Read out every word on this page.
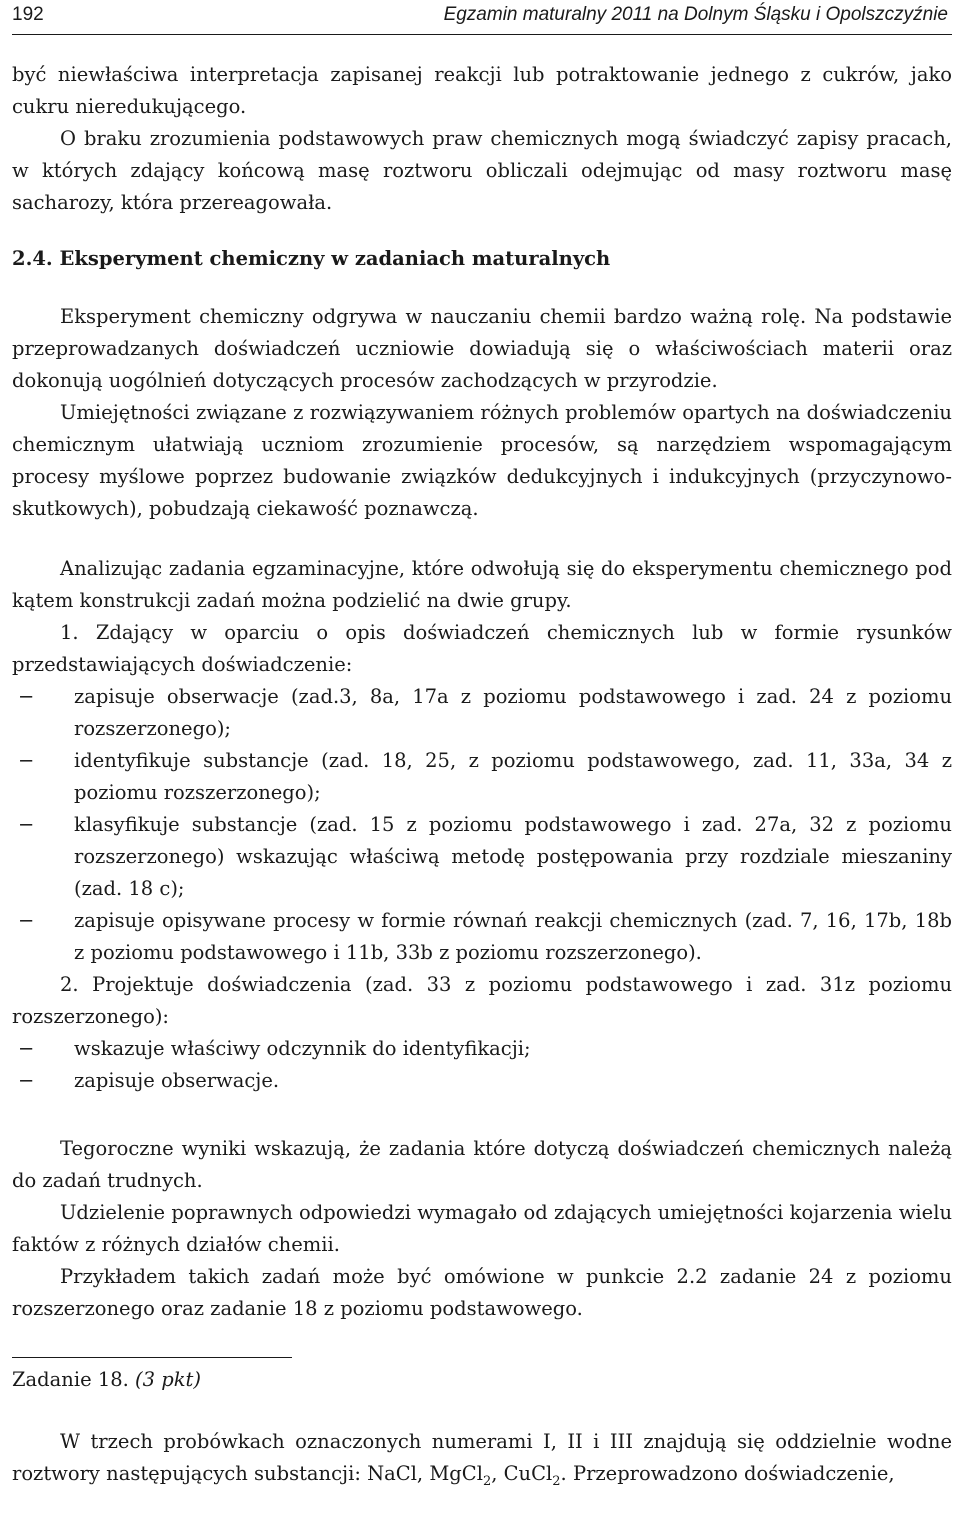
192	Egzamin maturalny 2011 na Dolnym Śląsku i Opolszczyźnie

być niewłaściwa interpretacja zapisanej reakcji lub potraktowanie jednego z cukrów, jako cukru nieredukującego.

O braku zrozumienia podstawowych praw chemicznych mogą świadczyć zapisy pracach, w których zdający końcową masę roztworu obliczali odejmując od masy roztworu masę sacharozy, która przereagowała.

2.4. Eksperyment chemiczny w zadaniach maturalnych

Eksperyment chemiczny odgrywa w nauczaniu chemii bardzo ważną rolę. Na podstawie przeprowadzanych doświadczeń uczniowie dowiadują się o właściwościach materii oraz dokonują uogólnień dotyczących procesów zachodzących w przyrodzie.

Umiejętności związane z rozwiązywaniem różnych problemów opartych na doświadczeniu chemicznym ułatwiają uczniom zrozumienie procesów, są narzędziem wspomagającym procesy myślowe poprzez budowanie związków dedukcyjnych i indukcyjnych (przyczynowo-skutkowych), pobudzają ciekawość poznawczą.

Analizując zadania egzaminacyjne, które odwołują się do eksperymentu chemicznego pod kątem konstrukcji zadań można podzielić na dwie grupy.

1. Zdający w oparciu o opis doświadczeń chemicznych lub w formie rysunków przedstawiających doświadczenie:

− zapisuje obserwacje (zad.3, 8a, 17a z poziomu podstawowego i zad. 24 z poziomu rozszerzonego);
− identyfikuje substancje (zad. 18, 25, z poziomu podstawowego, zad. 11, 33a, 34 z poziomu rozszerzonego);
− klasyfikuje substancje (zad. 15 z poziomu podstawowego i zad. 27a, 32 z poziomu rozszerzonego) wskazując właściwą metodę postępowania przy rozdziale mieszaniny (zad. 18 c);
− zapisuje opisywane procesy w formie równań reakcji chemicznych (zad. 7, 16, 17b, 18b z poziomu podstawowego i 11b, 33b z poziomu rozszerzonego).

2. Projektuje doświadczenia (zad. 33 z poziomu podstawowego i zad. 31z poziomu rozszerzonego):

− wskazuje właściwy odczynnik do identyfikacji;
− zapisuje obserwacje.

Tegoroczne wyniki wskazują, że zadania które dotyczą doświadczeń chemicznych należą do zadań trudnych.

Udzielenie poprawnych odpowiedzi wymagało od zdających umiejętności kojarzenia wielu faktów z różnych działów chemii.

Przykładem takich zadań może być omówione w punkcie 2.2 zadanie 24 z poziomu rozszerzonego oraz zadanie 18 z poziomu podstawowego.

Zadanie 18. (3 pkt)

W trzech probówkach oznaczonych numerami I, II i III znajdują się oddzielnie wodne roztwory następujących substancji: NaCl, MgCl$_2$, CuCl$_2$. Przeprowadzono doświadczenie,
